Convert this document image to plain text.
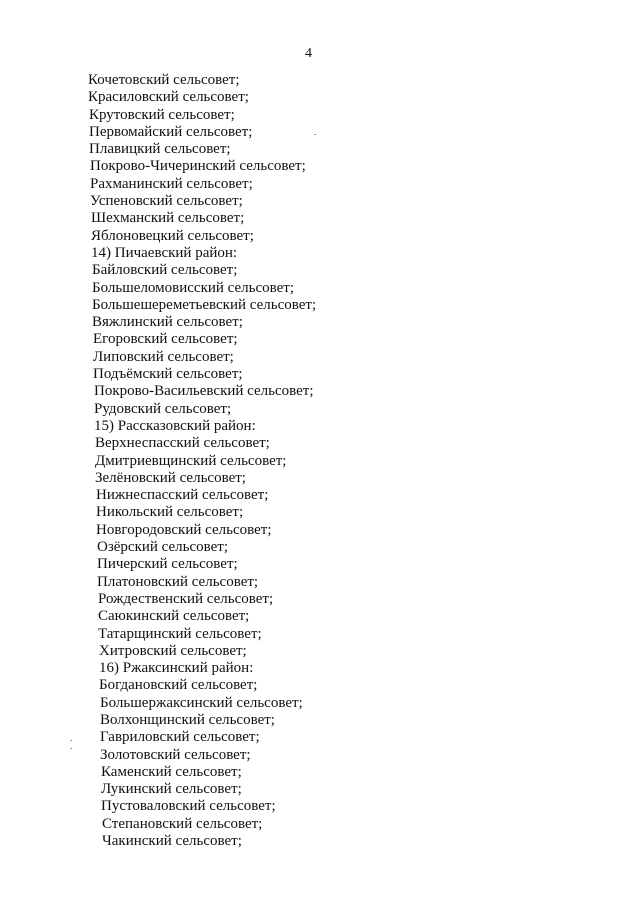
4
Кочетовский сельсовет;
Красиловский сельсовет;
Крутовский сельсовет;
Первомайский сельсовет;
Плавицкий сельсовет;
Покрово-Чичеринский сельсовет;
Рахманинский сельсовет;
Успеновский сельсовет;
Шехманский сельсовет;
Яблоновецкий сельсовет;
14) Пичаевский район:
Байловский сельсовет;
Большеломовисский сельсовет;
Большешереметьевский сельсовет;
Вяжлинский сельсовет;
Егоровский сельсовет;
Липовский сельсовет;
Подъёмский сельсовет;
Покрово-Васильевский сельсовет;
Рудовский сельсовет;
15) Рассказовский район:
Верхнеспасский сельсовет;
Дмитриевщинский сельсовет;
Зелёновский сельсовет;
Нижнеспасский сельсовет;
Никольский сельсовет;
Новгородовский сельсовет;
Озёрский сельсовет;
Пичерский сельсовет;
Платоновский сельсовет;
Рождественский сельсовет;
Саюкинский сельсовет;
Татарщинский сельсовет;
Хитровский сельсовет;
16) Ржаксинский район:
Богдановский сельсовет;
Большержаксинский сельсовет;
Волхонщинский сельсовет;
Гавриловский сельсовет;
Золотовский сельсовет;
Каменский сельсовет;
Лукинский сельсовет;
Пустоваловский сельсовет;
Степановский сельсовет;
Чакинский сельсовет;
